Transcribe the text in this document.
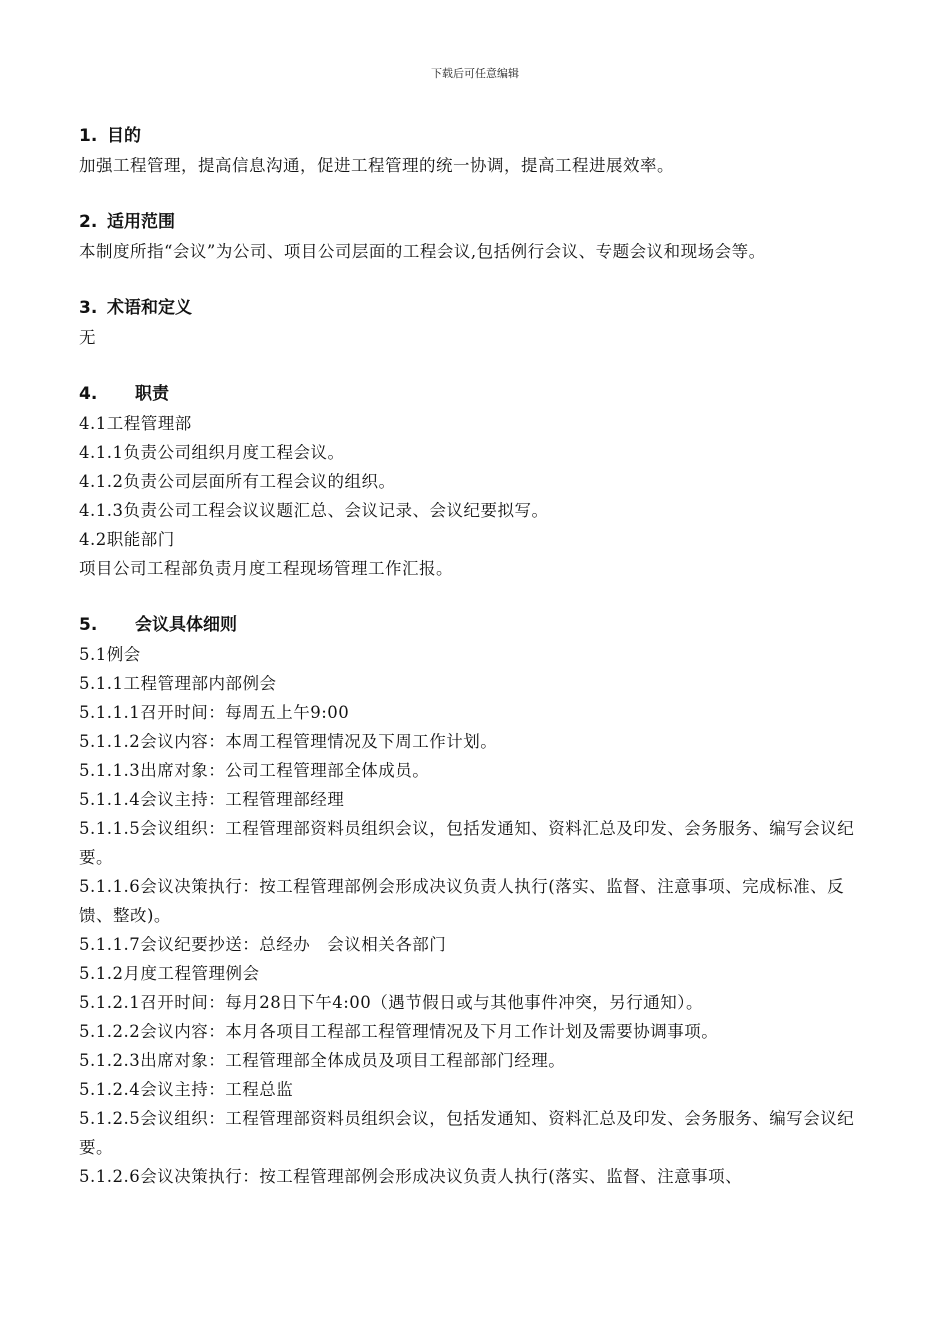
下载后可任意编辑
1. 目的
加强工程管理，提高信息沟通，促进工程管理的统一协调，提高工程进展效率。
2. 适用范围
本制度所指“会议”为公司、项目公司层面的工程会议,包括例行会议、专题会议和现场会等。
3. 术语和定义
无
4. 职责
4.1工程管理部
4.1.1负责公司组织月度工程会议。
4.1.2负责公司层面所有工程会议的组织。
4.1.3负责公司工程会议议题汇总、会议记录、会议纪要拟写。
4.2职能部门
项目公司工程部负责月度工程现场管理工作汇报。
5. 会议具体细则
5.1例会
5.1.1工程管理部内部例会
5.1.1.1召开时间：每周五上午9:00
5.1.1.2会议内容：本周工程管理情况及下周工作计划。
5.1.1.3出席对象：公司工程管理部全体成员。
5.1.1.4会议主持：工程管理部经理
5.1.1.5会议组织：工程管理部资料员组织会议，包括发通知、资料汇总及印发、会务服务、编写会议纪要。
5.1.1.6会议决策执行：按工程管理部例会形成决议负责人执行(落实、监督、注意事项、完成标准、反馈、整改)。
5.1.1.7会议纪要抄送：总经办　会议相关各部门
5.1.2月度工程管理例会
5.1.2.1召开时间：每月28日下午4:00（遇节假日或与其他事件冲突，另行通知）。
5.1.2.2会议内容：本月各项目工程部工程管理情况及下月工作计划及需要协调事项。
5.1.2.3出席对象：工程管理部全体成员及项目工程部部门经理。
5.1.2.4会议主持：工程总监
5.1.2.5会议组织：工程管理部资料员组织会议，包括发通知、资料汇总及印发、会务服务、编写会议纪要。
5.1.2.6会议决策执行：按工程管理部例会形成决议负责人执行(落实、监督、注意事项、
